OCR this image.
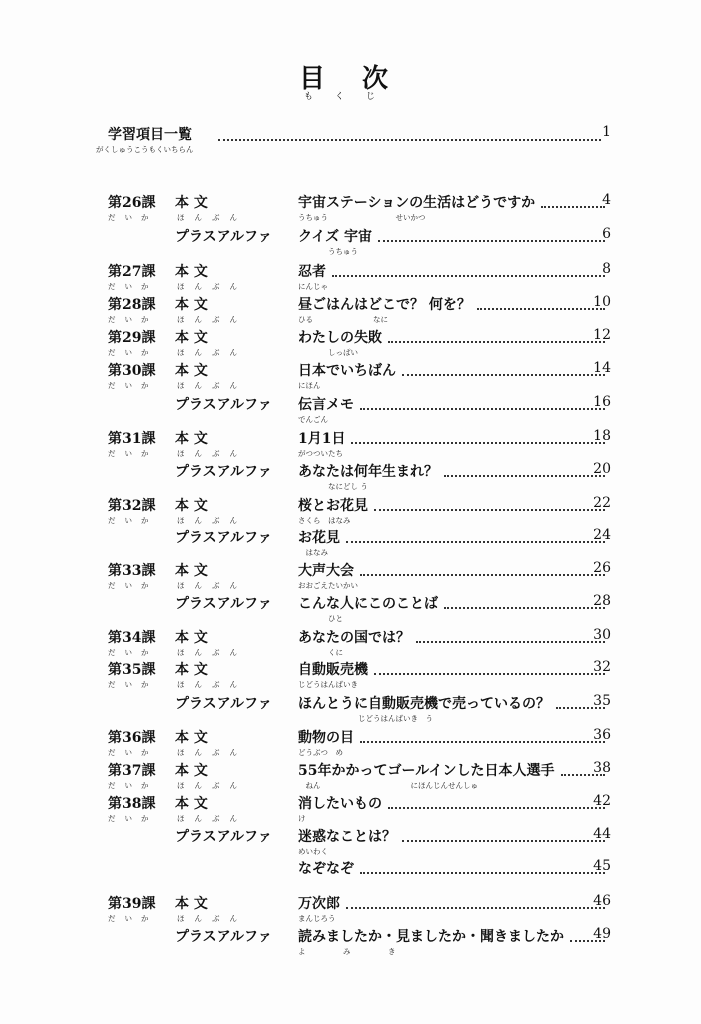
目 次
もくじ
学習項目一覧
がくしゅうこうもくいちらん
1
第26課
だいか
本 文
ほんぶん
宇宙ステーションの生活はどうですか
うちゅう　　　　　　　　　せいかつ
4
プラスアルファ クイズ 宇宙
　　　　うちゅう
6
第27課
だいか
本 文
ほんぶん
忍者
にんじゃ
8
第28課
だいか
本 文
ほんぶん
昼ごはんはどこで？ 何を？
ひる　　　　　　　　なに
10
第29課
だいか
本 文
ほんぶん
わたしの失敗
　　　　しっぱい
12
第30課
だいか
本 文
ほんぶん
日本でいちばん
にほん
14
プラスアルファ 伝言メモ
でんごん
16
第31課
だいか
本 文
ほんぶん
1月1日
がつついたち
18
プラスアルファ あなたは何年生まれ？
　　　　なにどし う
20
第32課
だいか
本 文
ほんぶん
桜とお花見
さくら　はなみ
22
プラスアルファ お花見
　はなみ
24
第33課
だいか
本 文
ほんぶん
大声大会
おおごえたいかい
26
プラスアルファ こんな人にこのことば
　　　　ひと
28
第34課
だいか
本 文
ほんぶん
あなたの国では？
　　　　くに
30
第35課
だいか
本 文
ほんぶん
自動販売機
じどうはんばいき
32
プラスアルファ ほんとうに自動販売機で売っているの？
　　　　　　　　じどうはんばいき　う
35
第36課
だいか
本 文
ほんぶん
動物の目
どうぶつ　め
36
第37課
だいか
本 文
ほんぶん
55年かかってゴールインした日本人選手
　ねん　　　　　　　　　　　　にほんじんせんしゅ
38
第38課
だいか
本 文
ほんぶん
消したいもの
け
42
プラスアルファ 迷惑なことは？
めいわく
44
なぞなぞ	45
第39課
だいか
本 文
ほんぶん
万次郎
まんじろう
46
プラスアルファ 読みましたか・見ましたか・聞きましたか
よ　　　　　み　　　　　き
49
